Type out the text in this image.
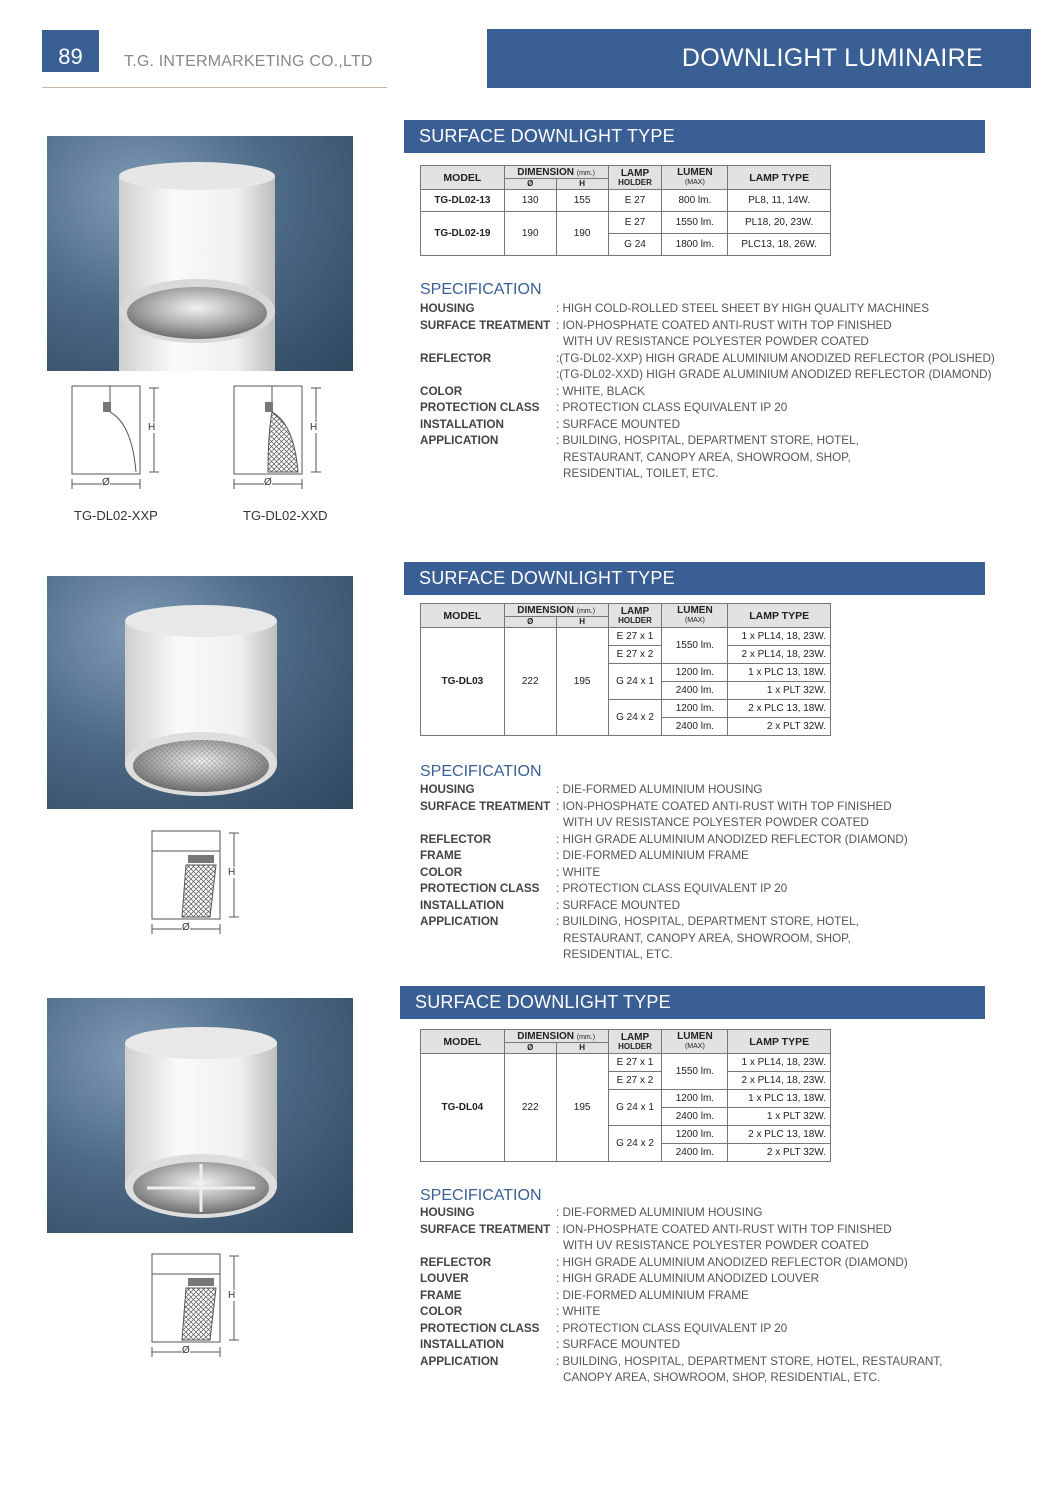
89	T.G. INTERMARKETING CO.,LTD	DOWNLIGHT LUMINAIRE
H
Ø
H
Ø
TG-DL02-XXP	TG-DL02-XXD
SURFACE DOWNLIGHT TYPE
MODEL	DIMENSION (mm.)		LAMP
HOLDER	LUMEN
(MAX)	LAMP TYPE
	Ø	H			
TG-DL02-13	130	155	E 27	800 lm.	PL8, 11, 14W.
TG-DL02-19	190	190	E 27	1550 lm.	PL18, 20, 23W.
			G 24	1800 lm.	PLC13, 18, 26W.
SPECIFICATION
HOUSING	: HIGH COLD-ROLLED STEEL SHEET BY HIGH QUALITY MACHINES
SURFACE TREATMENT : ION-PHOSPHATE COATED ANTI-RUST WITH TOP FINISHED
WITH UV RESISTANCE POLYESTER POWDER COATED
REFLECTOR	:(TG-DL02-XXP) HIGH GRADE ALUMINIUM ANODIZED REFLECTOR (POLISHED)
:(TG-DL02-XXD) HIGH GRADE ALUMINIUM ANODIZED REFLECTOR (DIAMOND)
COLOR	: WHITE, BLACK
PROTECTION CLASS	: PROTECTION CLASS EQUIVALENT IP 20
INSTALLATION	: SURFACE MOUNTED
APPLICATION	: BUILDING, HOSPITAL, DEPARTMENT STORE, HOTEL,
RESTAURANT, CANOPY AREA, SHOWROOM, SHOP,
RESIDENTIAL, TOILET, ETC.
H
Ø
SURFACE DOWNLIGHT TYPE
MODEL	DIMENSION (mm.)		LAMP
HOLDER	LUMEN
(MAX)	LAMP TYPE
	Ø	H			
TG-DL03	222	195	E 27 x 1	1550 lm.	1 x PL14, 18, 23W.
			E 27 x 2		2 x PL14, 18, 23W.
			G 24 x 1	1200 lm.	1 x PLC 13, 18W.
				2400 lm.	1 x PLT 32W.
			G 24 x 2	1200 lm.	2 x PLC 13, 18W.
				2400 lm.	2 x PLT 32W.
SPECIFICATION
HOUSING	: DIE-FORMED ALUMINIUM HOUSING
SURFACE TREATMENT : ION-PHOSPHATE COATED ANTI-RUST WITH TOP FINISHED
WITH UV RESISTANCE POLYESTER POWDER COATED
REFLECTOR	: HIGH GRADE ALUMINIUM ANODIZED REFLECTOR (DIAMOND)
FRAME	: DIE-FORMED ALUMINIUM FRAME
COLOR	: WHITE
PROTECTION CLASS	: PROTECTION CLASS EQUIVALENT IP 20
INSTALLATION	: SURFACE MOUNTED
APPLICATION	: BUILDING, HOSPITAL, DEPARTMENT STORE, HOTEL,
RESTAURANT, CANOPY AREA, SHOWROOM, SHOP,
RESIDENTIAL, ETC.
H
Ø
SURFACE DOWNLIGHT TYPE
MODEL	DIMENSION (mm.)		LAMP
HOLDER	LUMEN
(MAX)	LAMP TYPE
	Ø	H			
TG-DL04	222	195	E 27 x 1	1550 lm.	1 x PL14, 18, 23W.
			E 27 x 2		2 x PL14, 18, 23W.
			G 24 x 1	1200 lm.	1 x PLC 13, 18W.
				2400 lm.	1 x PLT 32W.
			G 24 x 2	1200 lm.	2 x PLC 13, 18W.
				2400 lm.	2 x PLT 32W.
SPECIFICATION
HOUSING	: DIE-FORMED ALUMINIUM HOUSING
SURFACE TREATMENT : ION-PHOSPHATE COATED ANTI-RUST WITH TOP FINISHED
WITH UV RESISTANCE POLYESTER POWDER COATED
REFLECTOR	: HIGH GRADE ALUMINIUM ANODIZED REFLECTOR (DIAMOND)
LOUVER	: HIGH GRADE ALUMINIUM ANODIZED LOUVER
FRAME	: DIE-FORMED ALUMINIUM FRAME
COLOR	: WHITE
PROTECTION CLASS	: PROTECTION CLASS EQUIVALENT IP 20
INSTALLATION	: SURFACE MOUNTED
APPLICATION	: BUILDING, HOSPITAL, DEPARTMENT STORE, HOTEL, RESTAURANT,
CANOPY AREA, SHOWROOM, SHOP, RESIDENTIAL, ETC.
